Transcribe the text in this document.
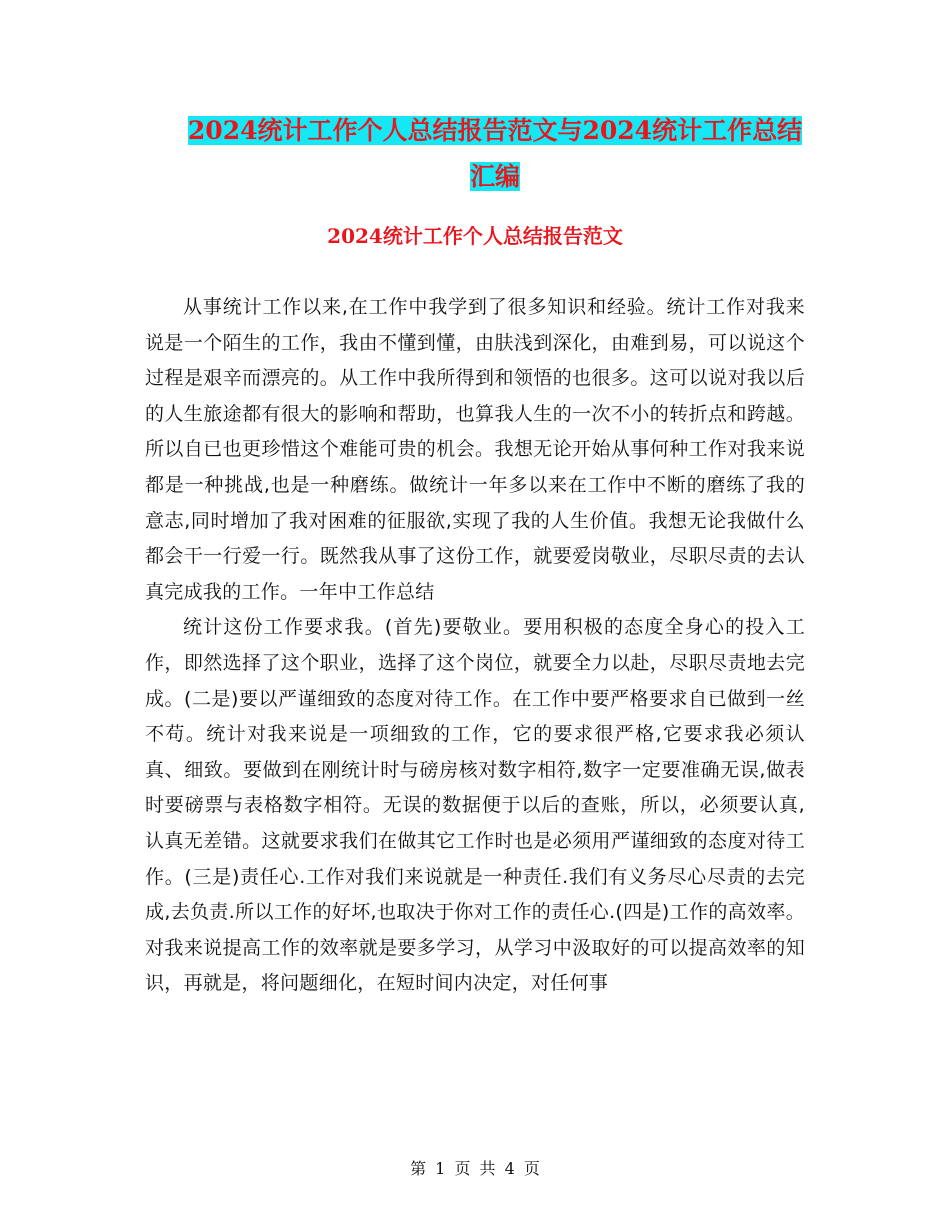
2024统计工作个人总结报告范文与2024统计工作总结
汇编
2024统计工作个人总结报告范文

从事统计工作以来,在工作中我学到了很多知识和经验。统计工作对我来说是一个陌生的工作，我由不懂到懂，由肤浅到深化，由难到易，可以说这个过程是艰辛而漂亮的。从工作中我所得到和领悟的也很多。这可以说对我以后的人生旅途都有很大的影响和帮助，也算我人生的一次不小的转折点和跨越。所以自已也更珍惜这个难能可贵的机会。我想无论开始从事何种工作对我来说都是一种挑战,也是一种磨练。做统计一年多以来在工作中不断的磨练了我的意志,同时增加了我对困难的征服欲,实现了我的人生价值。我想无论我做什么都会干一行爱一行。既然我从事了这份工作，就要爱岗敬业，尽职尽责的去认真完成我的工作。一年中工作总结

统计这份工作要求我。(首先)要敬业。要用积极的态度全身心的投入工作，即然选择了这个职业，选择了这个岗位，就要全力以赴，尽职尽责地去完成。(二是)要以严谨细致的态度对待工作。在工作中要严格要求自已做到一丝不苟。统计对我来说是一项细致的工作，它的要求很严格,它要求我必须认真、细致。要做到在刚统计时与磅房核对数字相符,数字一定要准确无误,做表时要磅票与表格数字相符。无误的数据便于以后的查账，所以，必须要认真,认真无差错。这就要求我们在做其它工作时也是必须用严谨细致的态度对待工作。(三是)责任心.工作对我们来说就是一种责任.我们有义务尽心尽责的去完成,去负责.所以工作的好坏,也取决于你对工作的责任心.(四是)工作的高效率。对我来说提高工作的效率就是要多学习，从学习中汲取好的可以提高效率的知识，再就是，将问题细化，在短时间内决定，对任何事

第 1 页 共 4 页
